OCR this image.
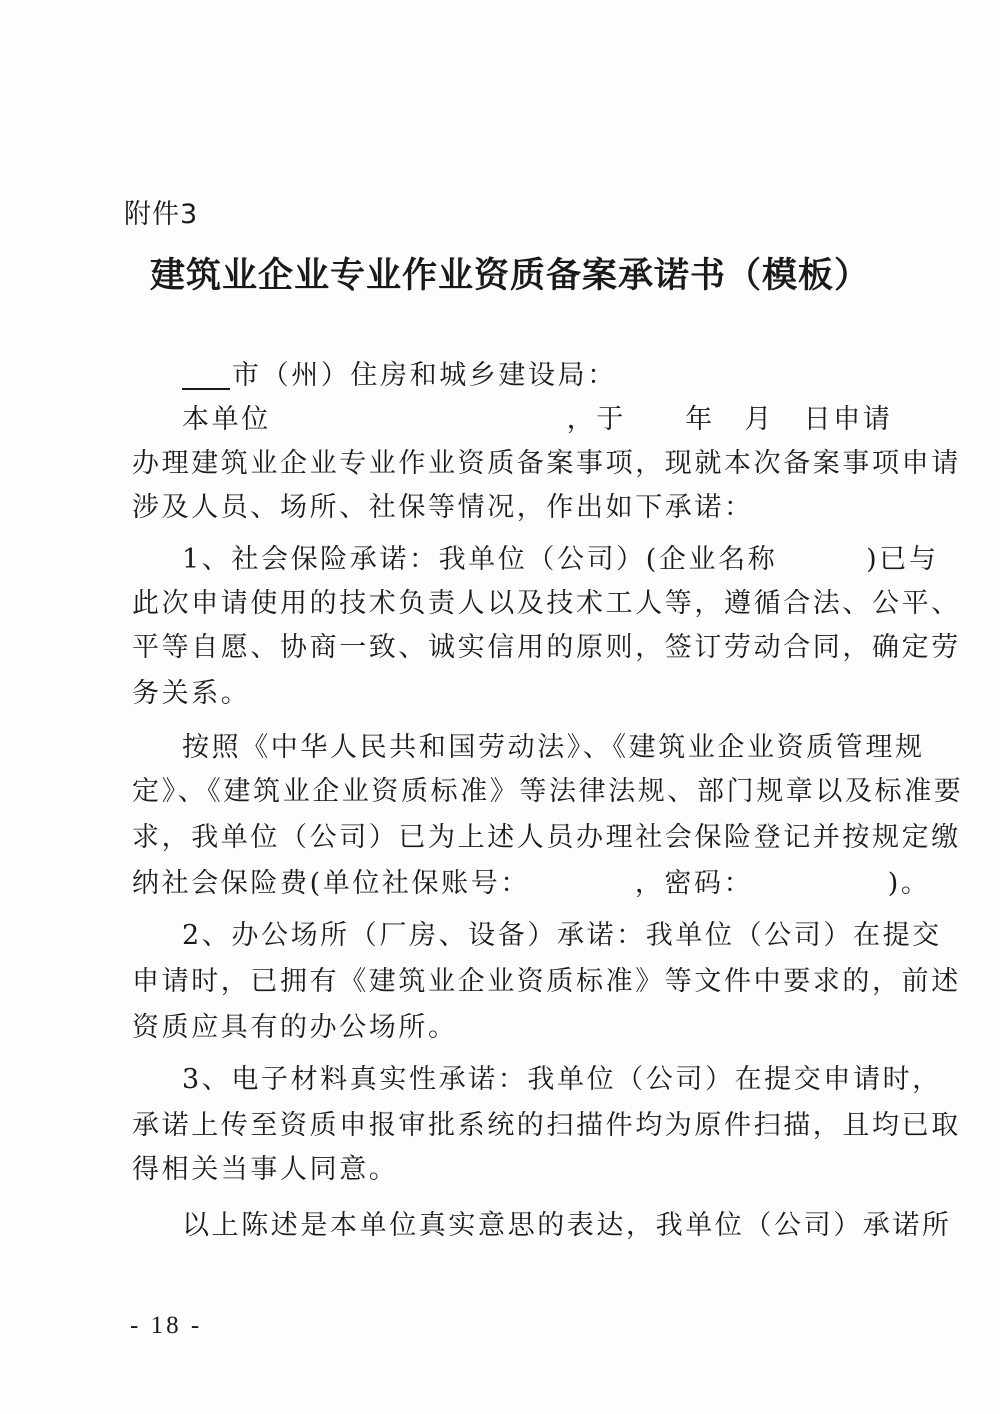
附件3
建筑业企业专业作业资质备案承诺书（模板）
市（州）住房和城乡建设局：
本单位　　　　　　　　　　，于　　年　月　日申请
办理建筑业企业专业作业资质备案事项，现就本次备案事项申请
涉及人员、场所、社保等情况，作出如下承诺：
1、社会保险承诺：我单位（公司）(企业名称　　　)已与
此次申请使用的技术负责人以及技术工人等，遵循合法、公平、
平等自愿、协商一致、诚实信用的原则，签订劳动合同，确定劳
务关系。
按照《中华人民共和国劳动法》、《建筑业企业资质管理规
定》、《建筑业企业资质标准》等法律法规、部门规章以及标准要
求，我单位（公司）已为上述人员办理社会保险登记并按规定缴
纳社会保险费(单位社保账号：　　　　，密码：　　　　　)。
2、办公场所（厂房、设备）承诺：我单位（公司）在提交
申请时，已拥有《建筑业企业资质标准》等文件中要求的，前述
资质应具有的办公场所。
3、电子材料真实性承诺：我单位（公司）在提交申请时，
承诺上传至资质申报审批系统的扫描件均为原件扫描，且均已取
得相关当事人同意。
以上陈述是本单位真实意思的表达，我单位（公司）承诺所
- 18 -
